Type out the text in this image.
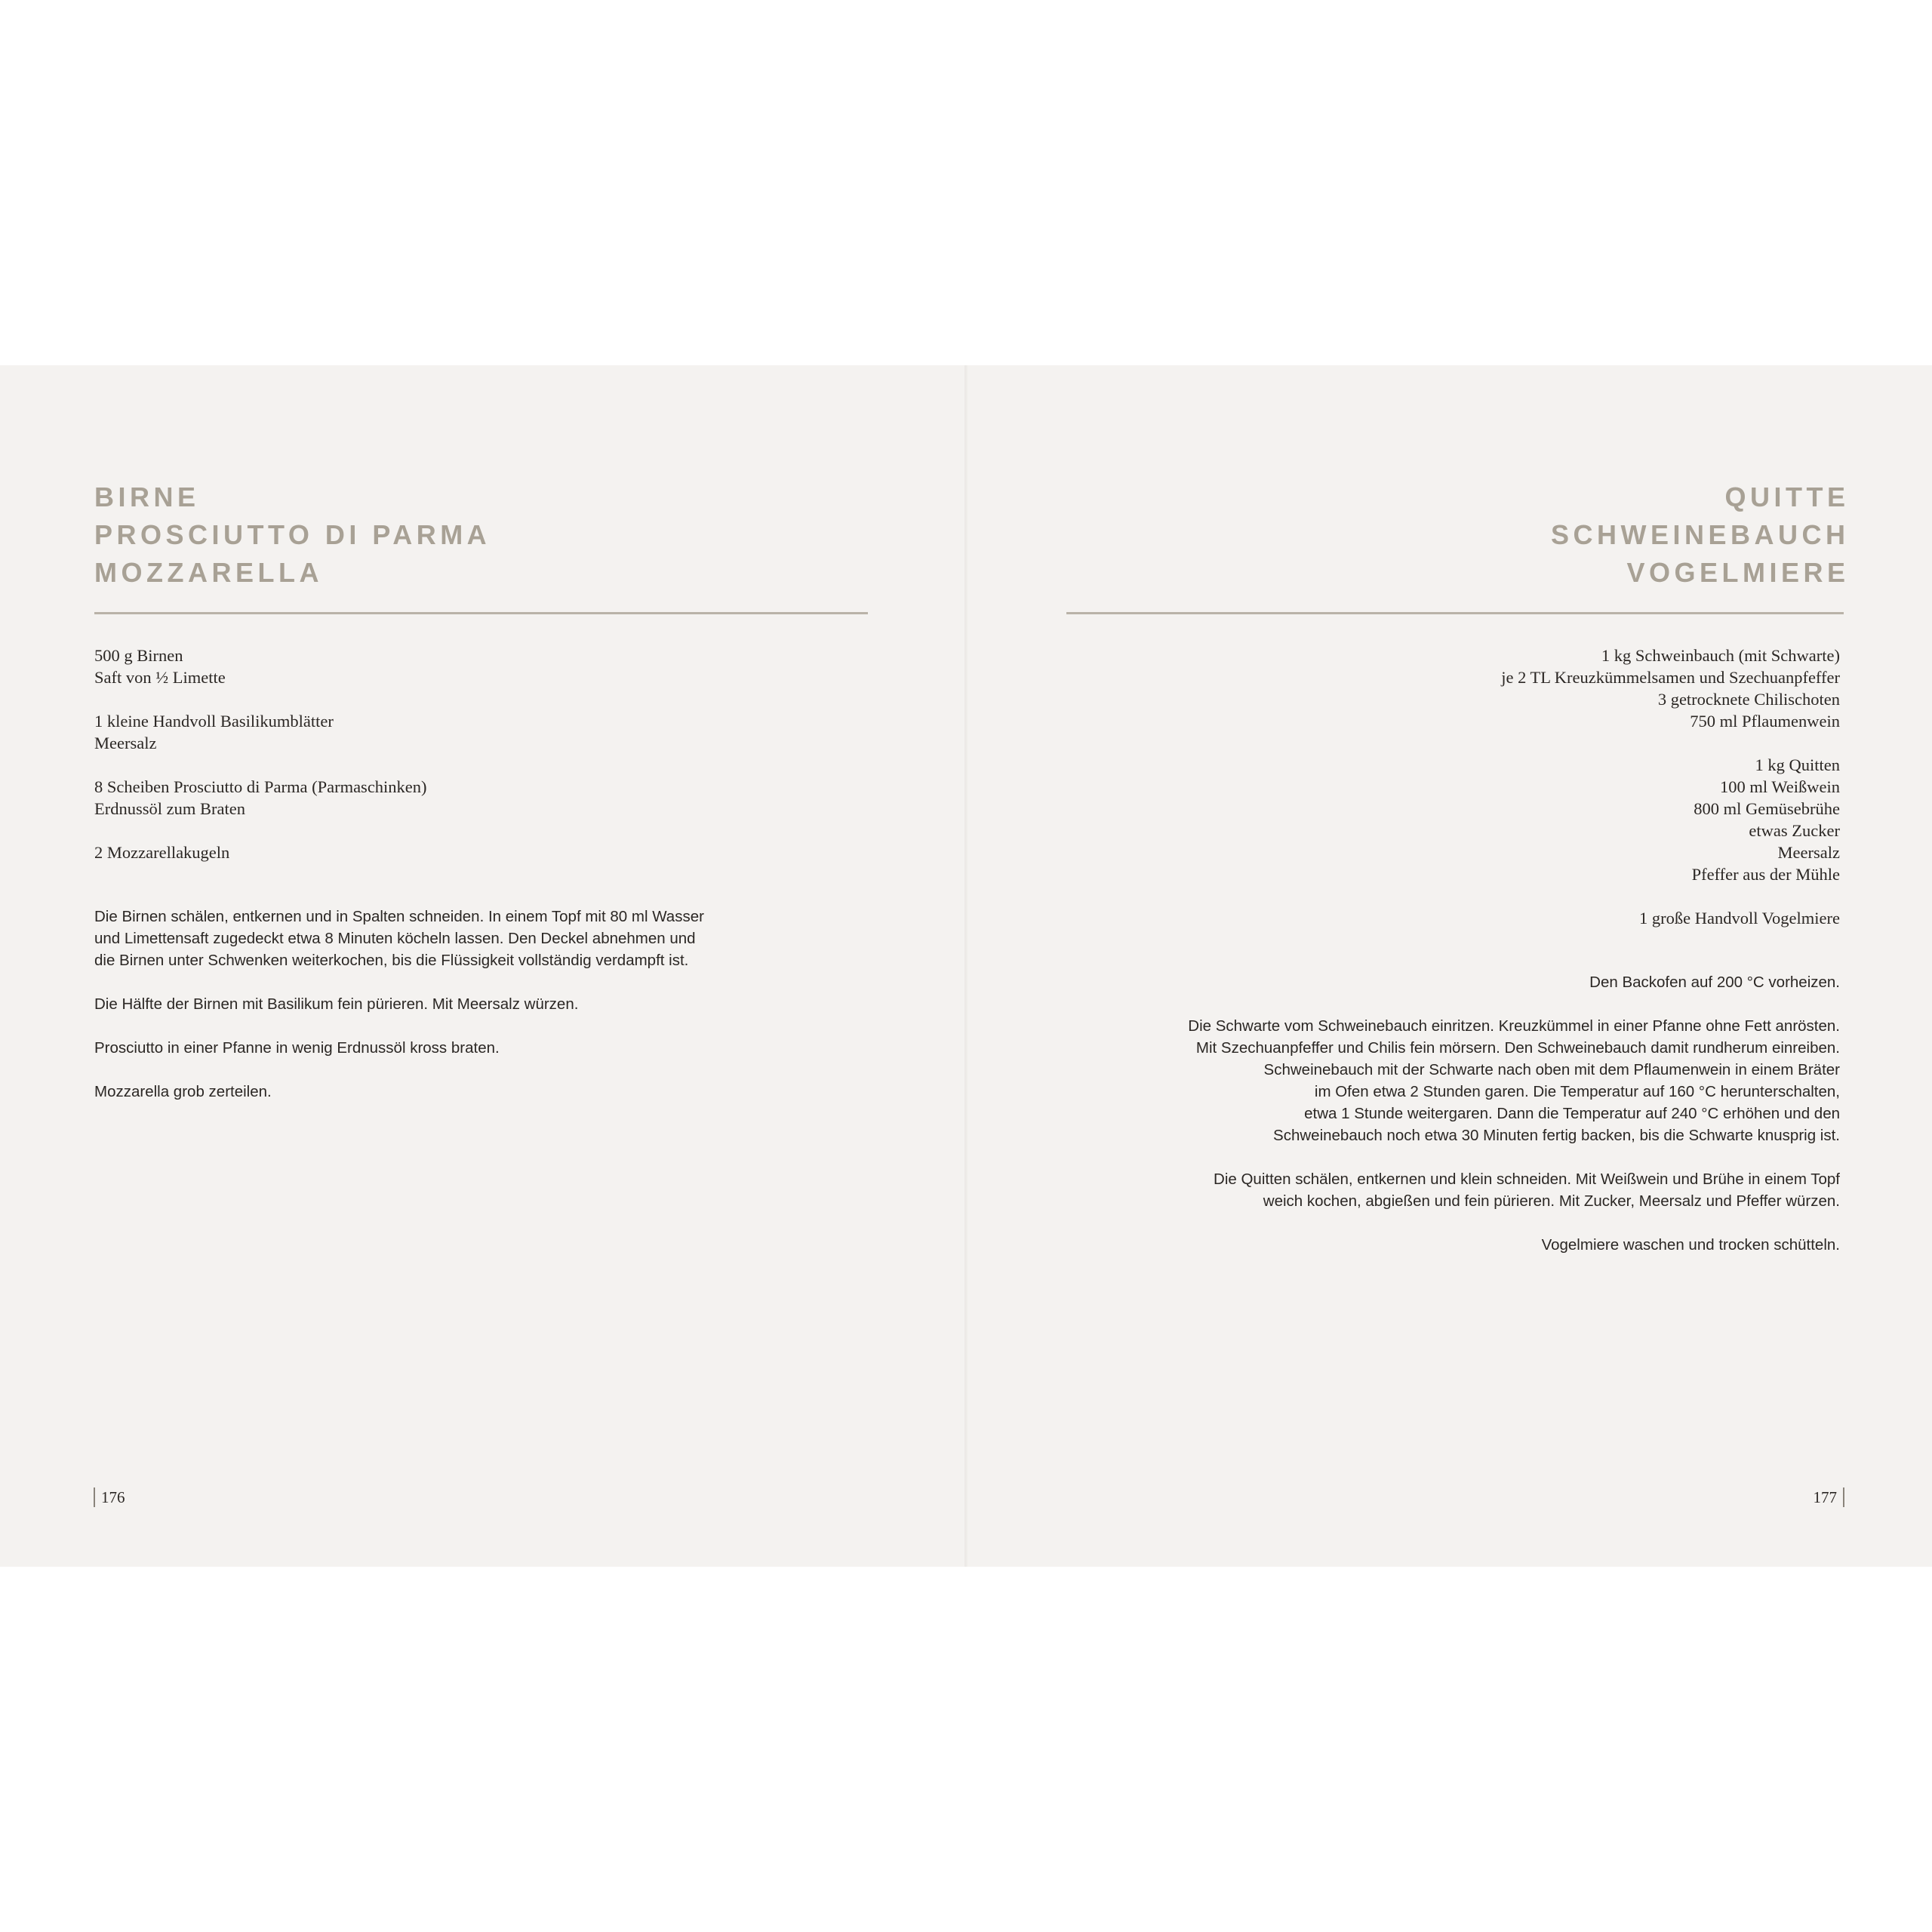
BIRNE
PROSCIUTTO DI PARMA
MOZZARELLA
500 g Birnen
Saft von ½ Limette
1 kleine Handvoll Basilikumblätter
Meersalz
8 Scheiben Prosciutto di Parma (Parmaschinken)
Erdnussöl zum Braten
2 Mozzarellakugeln
Die Birnen schälen, entkernen und in Spalten schneiden. In einem Topf mit 80 ml Wasser
und Limettensaft zugedeckt etwa 8 Minuten köcheln lassen. Den Deckel abnehmen und
die Birnen unter Schwenken weiterkochen, bis die Flüssigkeit vollständig verdampft ist.
Die Hälfte der Birnen mit Basilikum fein pürieren. Mit Meersalz würzen.
Prosciutto in einer Pfanne in wenig Erdnussöl kross braten.
Mozzarella grob zerteilen.
176
QUITTE
SCHWEINEBAUCH
VOGELMIERE
1 kg Schweinbauch (mit Schwarte)
je 2 TL Kreuzkümmelsamen und Szechuanpfeffer
3 getrocknete Chilischoten
750 ml Pflaumenwein
1 kg Quitten
100 ml Weißwein
800 ml Gemüsebrühe
etwas Zucker
Meersalz
Pfeffer aus der Mühle
1 große Handvoll Vogelmiere
Den Backofen auf 200 °C vorheizen.
Die Schwarte vom Schweinebauch einritzen. Kreuzkümmel in einer Pfanne ohne Fett anrösten.
Mit Szechuanpfeffer und Chilis fein mörsern. Den Schweinebauch damit rundherum einreiben.
Schweinebauch mit der Schwarte nach oben mit dem Pflaumenwein in einem Bräter
im Ofen etwa 2 Stunden garen. Die Temperatur auf 160 °C herunterschalten,
etwa 1 Stunde weitergaren. Dann die Temperatur auf 240 °C erhöhen und den
Schweinebauch noch etwa 30 Minuten fertig backen, bis die Schwarte knusprig ist.
Die Quitten schälen, entkernen und klein schneiden. Mit Weißwein und Brühe in einem Topf
weich kochen, abgießen und fein pürieren. Mit Zucker, Meersalz und Pfeffer würzen.
Vogelmiere waschen und trocken schütteln.
177
